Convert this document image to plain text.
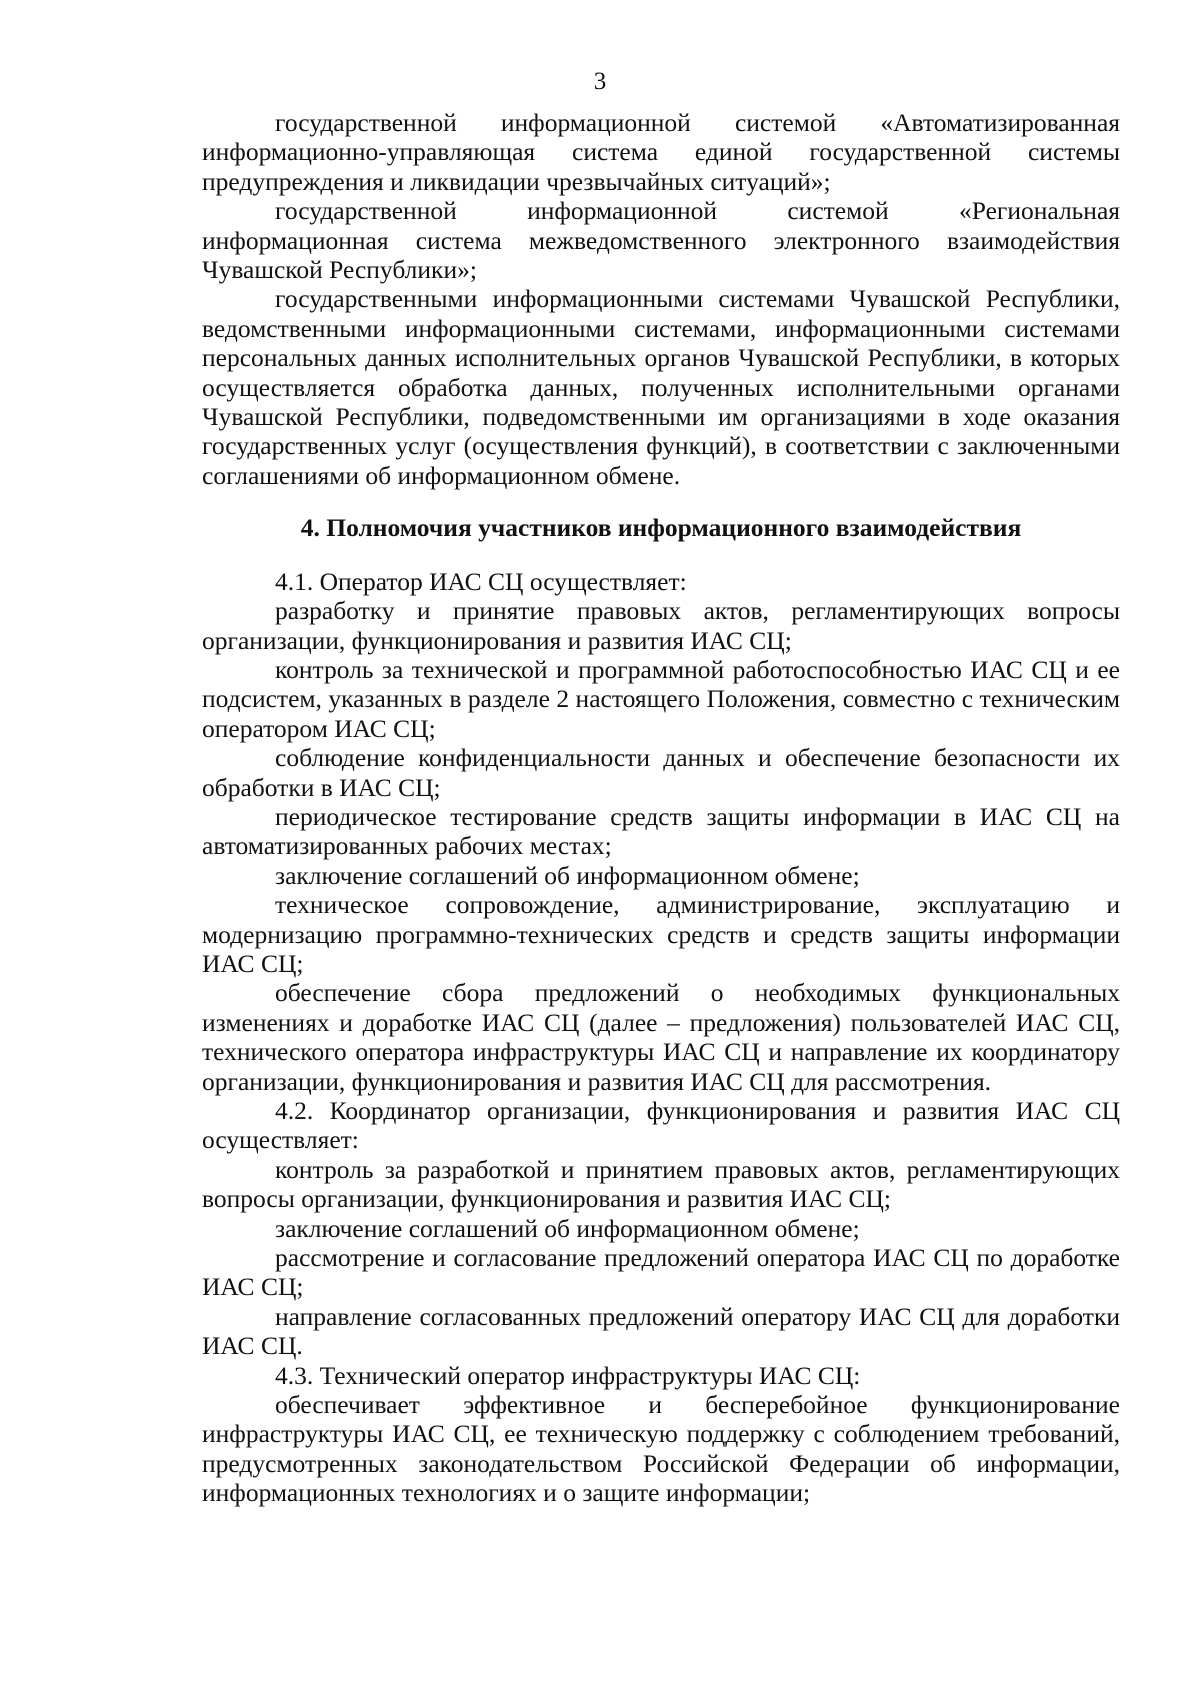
3

государственной информационной системой «Автоматизированная информационно-управляющая система единой государственной системы предупреждения и ликвидации чрезвычайных ситуаций»;

государственной информационной системой «Региональная информационная система межведомственного электронного взаимодействия Чувашской Республики»;

государственными информационными системами Чувашской Республики, ведомственными информационными системами, информационными системами персональных данных исполнительных органов Чувашской Республики, в которых осуществляется обработка данных, полученных исполнительными органами Чувашской Республики, подведомственными им организациями в ходе оказания государственных услуг (осуществления функций), в соответствии с заключенными соглашениями об информационном обмене.

4. Полномочия участников информационного взаимодействия

4.1. Оператор ИАС СЦ осуществляет:

разработку и принятие правовых актов, регламентирующих вопросы организации, функционирования и развития ИАС СЦ;

контроль за технической и программной работоспособностью ИАС СЦ и ее подсистем, указанных в разделе 2 настоящего Положения, совместно с техническим оператором ИАС СЦ;

соблюдение конфиденциальности данных и обеспечение безопасности их обработки в ИАС СЦ;

периодическое тестирование средств защиты информации в ИАС СЦ на автоматизированных рабочих местах;

заключение соглашений об информационном обмене;

техническое сопровождение, администрирование, эксплуатацию и модернизацию программно-технических средств и средств защиты информации ИАС СЦ;

обеспечение сбора предложений о необходимых функциональных изменениях и доработке ИАС СЦ (далее – предложения) пользователей ИАС СЦ, технического оператора инфраструктуры ИАС СЦ и направление их координатору организации, функционирования и развития ИАС СЦ для рассмотрения.

4.2. Координатор организации, функционирования и развития ИАС СЦ осуществляет:

контроль за разработкой и принятием правовых актов, регламентирующих вопросы организации, функционирования и развития ИАС СЦ;

заключение соглашений об информационном обмене;

рассмотрение и согласование предложений оператора ИАС СЦ по доработке ИАС СЦ;

направление согласованных предложений оператору ИАС СЦ для доработки ИАС СЦ.

4.3. Технический оператор инфраструктуры ИАС СЦ:

обеспечивает эффективное и бесперебойное функционирование инфраструктуры ИАС СЦ, ее техническую поддержку с соблюдением требований, предусмотренных законодательством Российской Федерации об информации, информационных технологиях и о защите информации;
